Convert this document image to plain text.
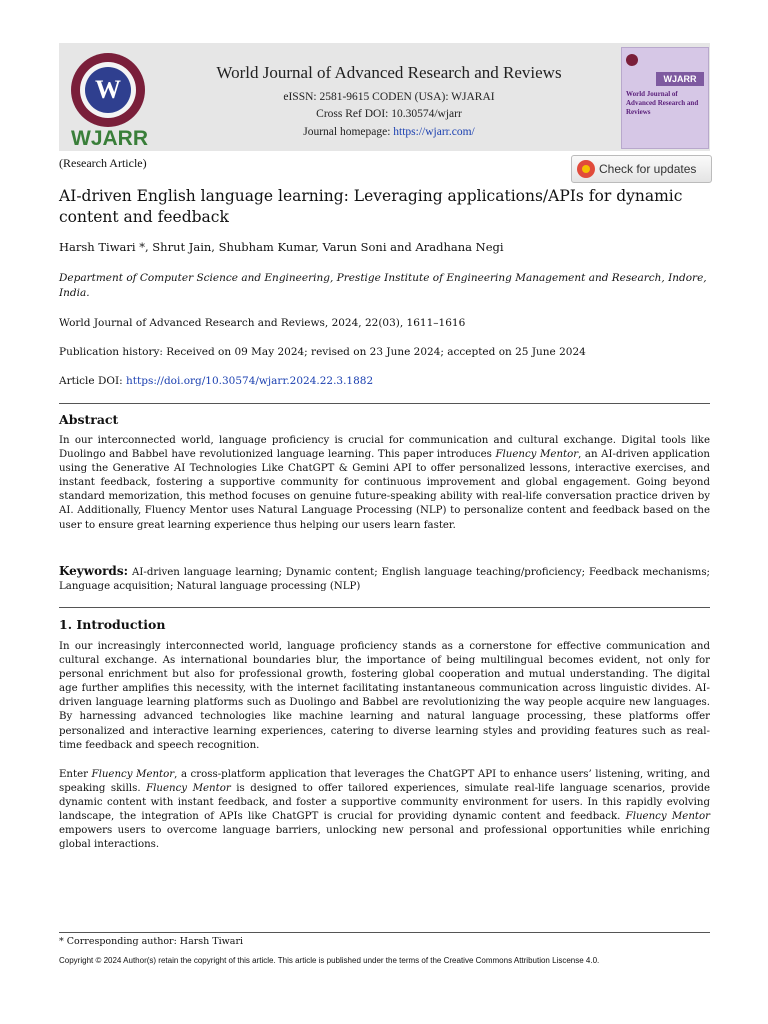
W
WJARR
World Journal of Advanced Research and Reviews
eISSN: 2581-9615 CODEN (USA): WJARAI
Cross Ref DOI: 10.30574/wjarr
Journal homepage: https://wjarr.com/
WJARR
World Journal of Advanced Research and Reviews
(Research Article)	Check for updates
AI-driven English language learning: Leveraging applications/APIs for dynamic content and feedback
Harsh Tiwari *, Shrut Jain, Shubham Kumar, Varun Soni and Aradhana Negi
Department of Computer Science and Engineering, Prestige Institute of Engineering Management and Research, Indore, India.
World Journal of Advanced Research and Reviews, 2024, 22(03), 1611–1616
Publication history: Received on 09 May 2024; revised on 23 June 2024; accepted on 25 June 2024
Article DOI: https://doi.org/10.30574/wjarr.2024.22.3.1882
Abstract
In our interconnected world, language proficiency is crucial for communication and cultural exchange. Digital tools like Duolingo and Babbel have revolutionized language learning. This paper introduces Fluency Mentor, an AI-driven application using the Generative AI Technologies Like ChatGPT & Gemini API to offer personalized lessons, interactive exercises, and instant feedback, fostering a supportive community for continuous improvement and global engagement. Going beyond standard memorization, this method focuses on genuine future-speaking ability with real-life conversation practice driven by AI. Additionally, Fluency Mentor uses Natural Language Processing (NLP) to personalize content and feedback based on the user to ensure great learning experience thus helping our users learn faster.
Keywords: AI-driven language learning; Dynamic content; English language teaching/proficiency; Feedback mechanisms; Language acquisition; Natural language processing (NLP)
1. Introduction
In our increasingly interconnected world, language proficiency stands as a cornerstone for effective communication and cultural exchange. As international boundaries blur, the importance of being multilingual becomes evident, not only for personal enrichment but also for professional growth, fostering global cooperation and mutual understanding. The digital age further amplifies this necessity, with the internet facilitating instantaneous communication across linguistic divides. AI-driven language learning platforms such as Duolingo and Babbel are revolutionizing the way people acquire new languages. By harnessing advanced technologies like machine learning and natural language processing, these platforms offer personalized and interactive learning experiences, catering to diverse learning styles and providing features such as real-time feedback and speech recognition.
Enter Fluency Mentor, a cross-platform application that leverages the ChatGPT API to enhance users’ listening, writing, and speaking skills. Fluency Mentor is designed to offer tailored experiences, simulate real-life language scenarios, provide dynamic content with instant feedback, and foster a supportive community environment for users. In this rapidly evolving landscape, the integration of APIs like ChatGPT is crucial for providing dynamic content and feedback. Fluency Mentor empowers users to overcome language barriers, unlocking new personal and professional opportunities while enriching global interactions.
* Corresponding author: Harsh Tiwari
Copyright © 2024 Author(s) retain the copyright of this article. This article is published under the terms of the Creative Commons Attribution Liscense 4.0.
